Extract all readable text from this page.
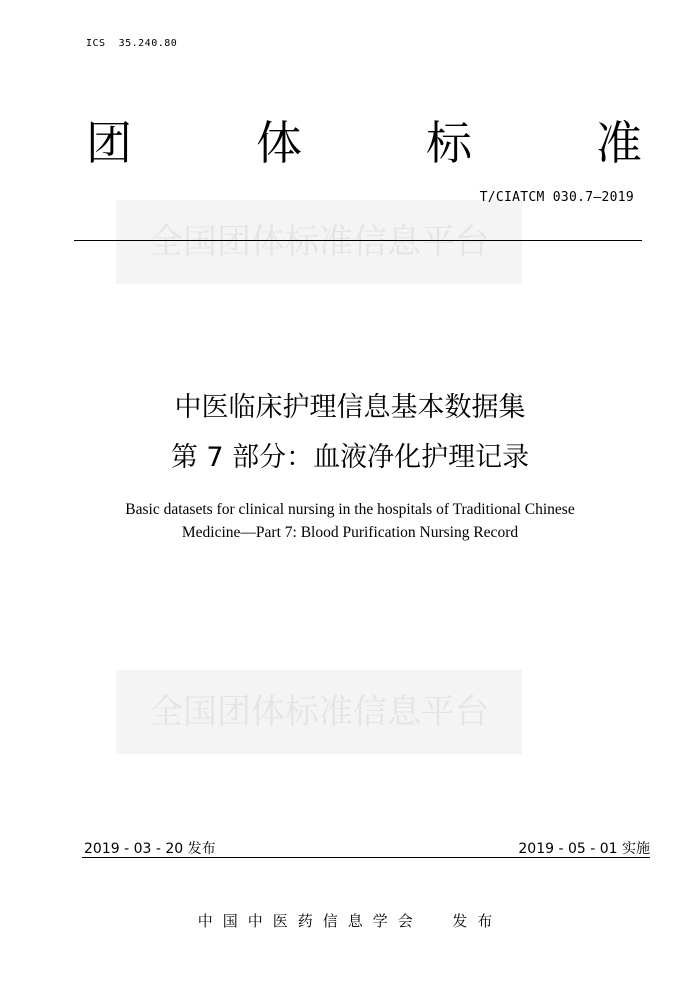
ICS  35.240.80
团	体	标	准
全国团体标准信息平台
T/CIATCM 030.7—2019
中医临床护理信息基本数据集
第 7 部分：血液净化护理记录
Basic datasets for clinical nursing in the hospitals of Traditional Chinese
Medicine—Part 7: Blood Purification Nursing Record
全国团体标准信息平台
2019 - 03 - 20 发布	2019 - 05 - 01 实施
中国中医药信息学会  发布
